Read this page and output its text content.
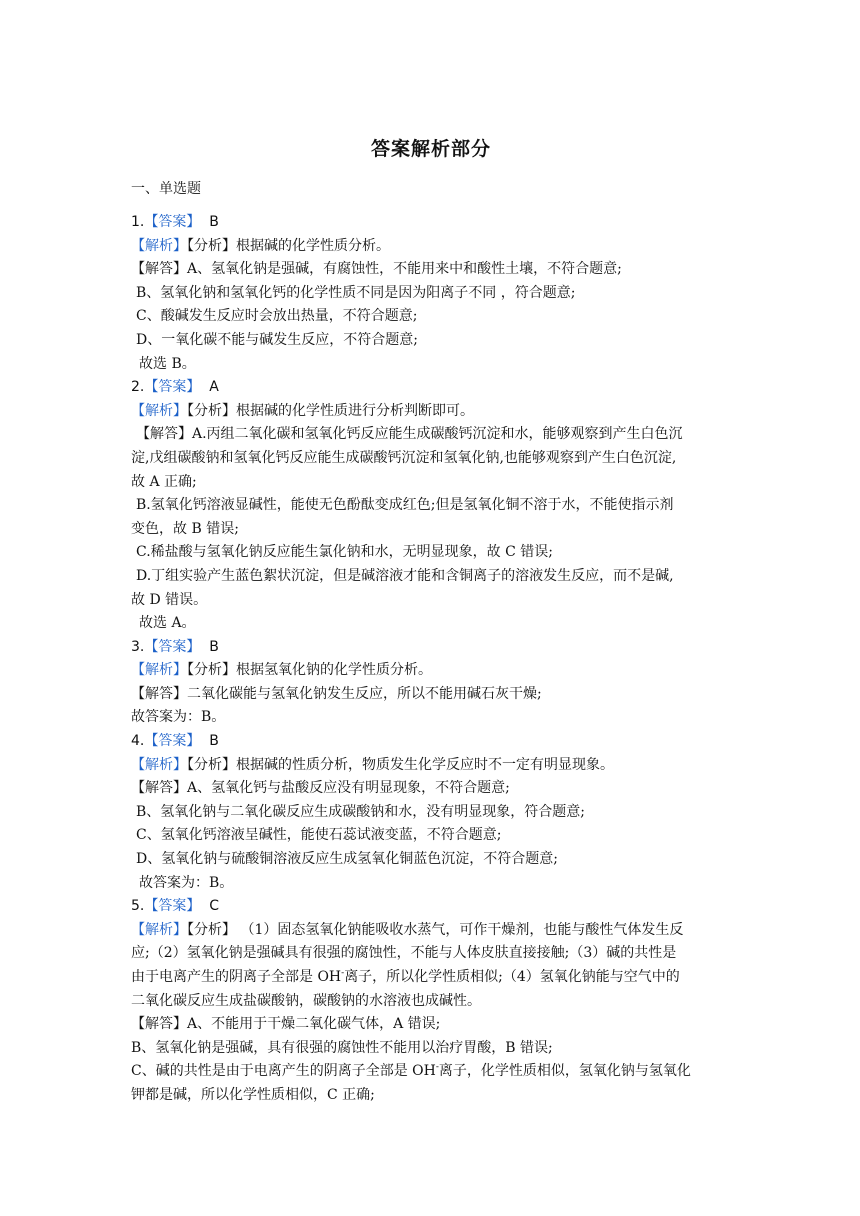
答案解析部分
一、单选题
1.【答案】 B
【解析】【分析】根据碱的化学性质分析。
【解答】A、氢氧化钠是强碱，有腐蚀性，不能用来中和酸性土壤，不符合题意;
B、氢氧化钠和氢氧化钙的化学性质不同是因为阳离子不同 ，符合题意;
C、酸碱发生反应时会放出热量，不符合题意;
D、一氧化碳不能与碱发生反应，不符合题意;
故选 B。
2.【答案】 A
【解析】【分析】根据碱的化学性质进行分析判断即可。
【解答】A.丙组二氧化碳和氢氧化钙反应能生成碳酸钙沉淀和水，能够观察到产生白色沉
淀,戊组碳酸钠和氢氧化钙反应能生成碳酸钙沉淀和氢氧化钠,也能够观察到产生白色沉淀,
故 A 正确;
B.氢氧化钙溶液显碱性，能使无色酚酞变成红色;但是氢氧化铜不溶于水，不能使指示剂
变色，故 B 错误;
C.稀盐酸与氢氧化钠反应能生氯化钠和水，无明显现象，故 C 错误;
D.丁组实验产生蓝色絮状沉淀，但是碱溶液才能和含铜离子的溶液发生反应，而不是碱,
故 D 错误。
故选 A。
3.【答案】 B
【解析】【分析】根据氢氧化钠的化学性质分析。
【解答】二氧化碳能与氢氧化钠发生反应，所以不能用碱石灰干燥;
故答案为：B。
4.【答案】 B
【解析】【分析】根据碱的性质分析，物质发生化学反应时不一定有明显现象。
【解答】A、氢氧化钙与盐酸反应没有明显现象，不符合题意;
B、氢氧化钠与二氧化碳反应生成碳酸钠和水，没有明显现象，符合题意;
C、氢氧化钙溶液呈碱性，能使石蕊试液变蓝，不符合题意;
D、氢氧化钠与硫酸铜溶液反应生成氢氧化铜蓝色沉淀，不符合题意;
故答案为：B。
5.【答案】 C
【解析】【分析】 （1）固态氢氧化钠能吸收水蒸气，可作干燥剂，也能与酸性气体发生反
应;（2）氢氧化钠是强碱具有很强的腐蚀性，不能与人体皮肤直接接触;（3）碱的共性是
由于电离产生的阴离子全部是 OH-离子，所以化学性质相似;（4）氢氧化钠能与空气中的
二氧化碳反应生成盐碳酸钠，碳酸钠的水溶液也成碱性。
【解答】A、不能用于干燥二氧化碳气体，A 错误;
B、氢氧化钠是强碱，具有很强的腐蚀性不能用以治疗胃酸，B 错误;
C、碱的共性是由于电离产生的阴离子全部是 OH-离子，化学性质相似，氢氧化钠与氢氧化
钾都是碱，所以化学性质相似，C 正确;
